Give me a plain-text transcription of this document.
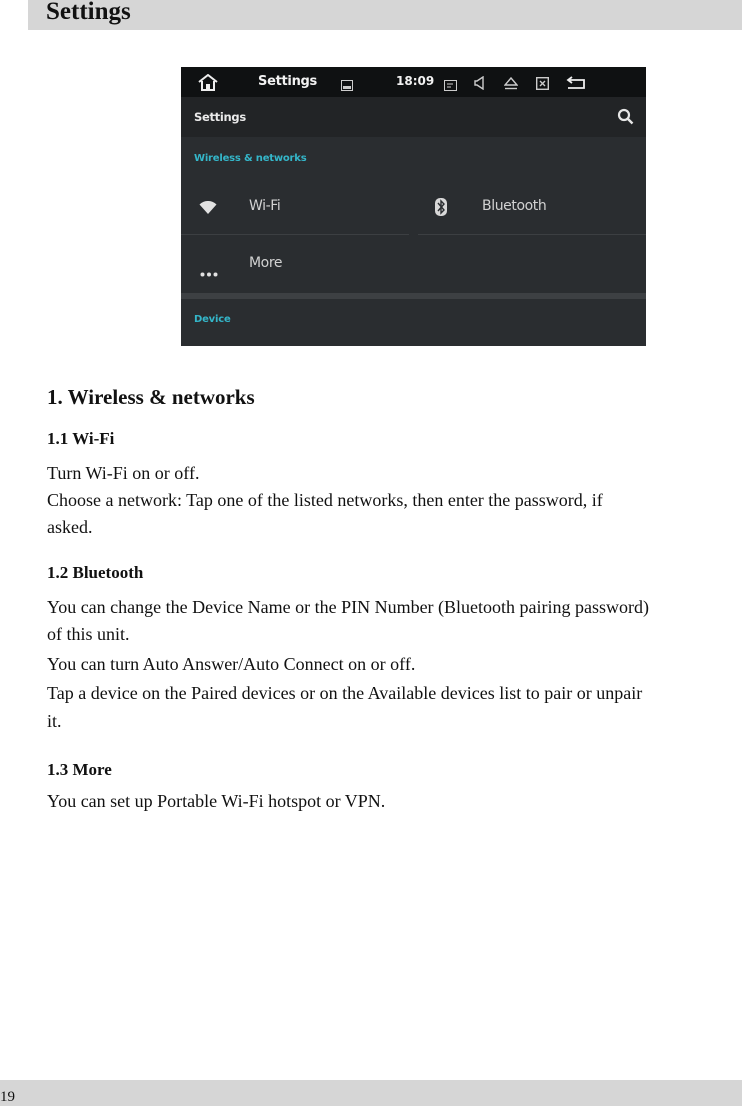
Settings
Settings	18:09
Settings
Wireless & networks
Wi-Fi	Bluetooth
More
Device
1. Wireless & networks
1.1 Wi-Fi
Turn Wi-Fi on or off.
Choose a network: Tap one of the listed networks, then enter the password, if
asked.
1.2 Bluetooth
You can change the Device Name or the PIN Number (Bluetooth pairing password)
of this unit.
You can turn Auto Answer/Auto Connect on or off.
Tap a device on the Paired devices or on the Available devices list to pair or unpair
it.
1.3 More
You can set up Portable Wi-Fi hotspot or VPN.
19
